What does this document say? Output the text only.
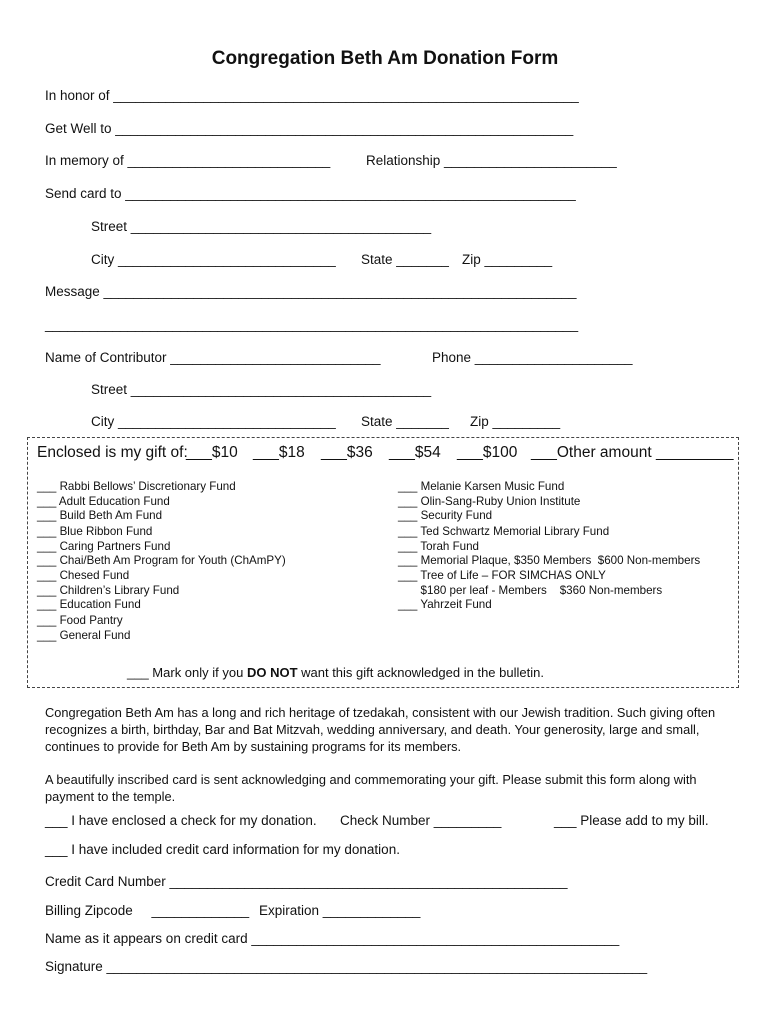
Congregation Beth Am Donation Form
In honor of ______________________________________________________________
Get Well to _____________________________________________________________
In memory of ___________________________	Relationship _______________________
Send card to ____________________________________________________________
Street ________________________________________
City _____________________________ State _______ Zip _________
Message _______________________________________________________________
_______________________________________________________________________
Name of Contributor ____________________________	Phone _____________________
Street ________________________________________
City _____________________________ State _______ Zip _________
Enclosed is my gift of:
___$10 ___$18 ___$36 ___$54 ___$100 ___Other amount _________
___ Rabbi Bellows’ Discretionary Fund
___ Adult Education Fund
___ Build Beth Am Fund
___ Blue Ribbon Fund
___ Caring Partners Fund
___ Chai/Beth Am Program for Youth (ChAmPY)
___ Chesed Fund
___ Children’s Library Fund
___ Education Fund
___ Food Pantry
___ General Fund
___ Melanie Karsen Music Fund
___ Olin-Sang-Ruby Union Institute
___ Security Fund
___ Ted Schwartz Memorial Library Fund
___ Torah Fund
___ Memorial Plaque, $350 Members  $600 Non-members
___ Tree of Life – FOR SIMCHAS ONLY
$180 per leaf - Members    $360 Non-members
___ Yahrzeit Fund
___ Mark only if you DO NOT want this gift acknowledged in the bulletin.
Congregation Beth Am has a long and rich heritage of tzedakah, consistent with our Jewish tradition. Such giving often recognizes a birth, birthday, Bar and Bat Mitzvah, wedding anniversary, and death. Your generosity, large and small, continues to provide for Beth Am by sustaining programs for its members.
A beautifully inscribed card is sent acknowledging and commemorating your gift. Please submit this form along with payment to the temple.
___ I have enclosed a check for my donation. Check Number _________	___ Please add to my bill.
___ I have included credit card information for my donation.
Credit Card Number _____________________________________________________
Billing Zipcode     _____________ Expiration _____________
Name as it appears on credit card _________________________________________________
Signature ________________________________________________________________________
